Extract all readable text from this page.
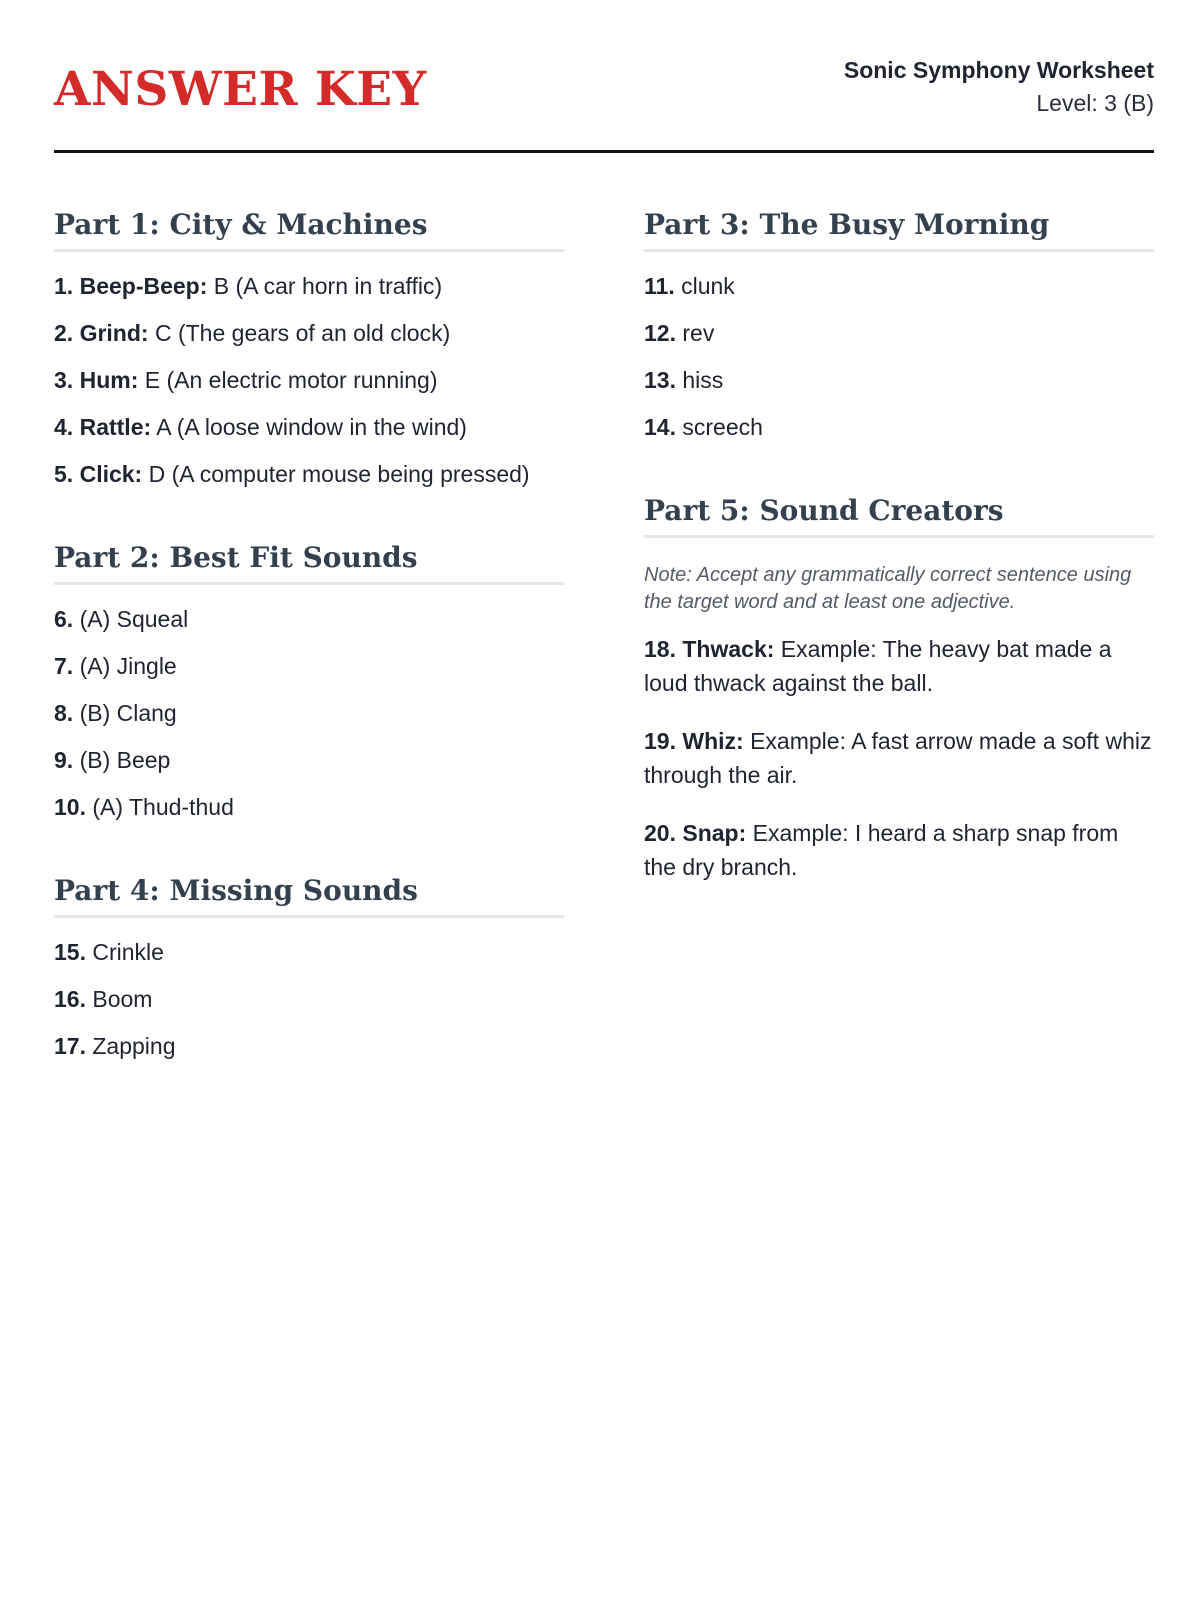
ANSWER KEY	Sonic Symphony Worksheet
Level: 3 (B)
Part 1: City & Machines
1. Beep-Beep: B (A car horn in traffic)
2. Grind: C (The gears of an old clock)
3. Hum: E (An electric motor running)
4. Rattle: A (A loose window in the wind)
5. Click: D (A computer mouse being pressed)
Part 2: Best Fit Sounds
6. (A) Squeal
7. (A) Jingle
8. (B) Clang
9. (B) Beep
10. (A) Thud-thud
Part 4: Missing Sounds
15. Crinkle
16. Boom
17. Zapping
Part 3: The Busy Morning
11. clunk
12. rev
13. hiss
14. screech
Part 5: Sound Creators

Note: Accept any grammatically correct sentence using the target word and at least one adjective.

18. Thwack: Example: The heavy bat made a loud thwack against the ball.
19. Whiz: Example: A fast arrow made a soft whiz through the air.
20. Snap: Example: I heard a sharp snap from the dry branch.
